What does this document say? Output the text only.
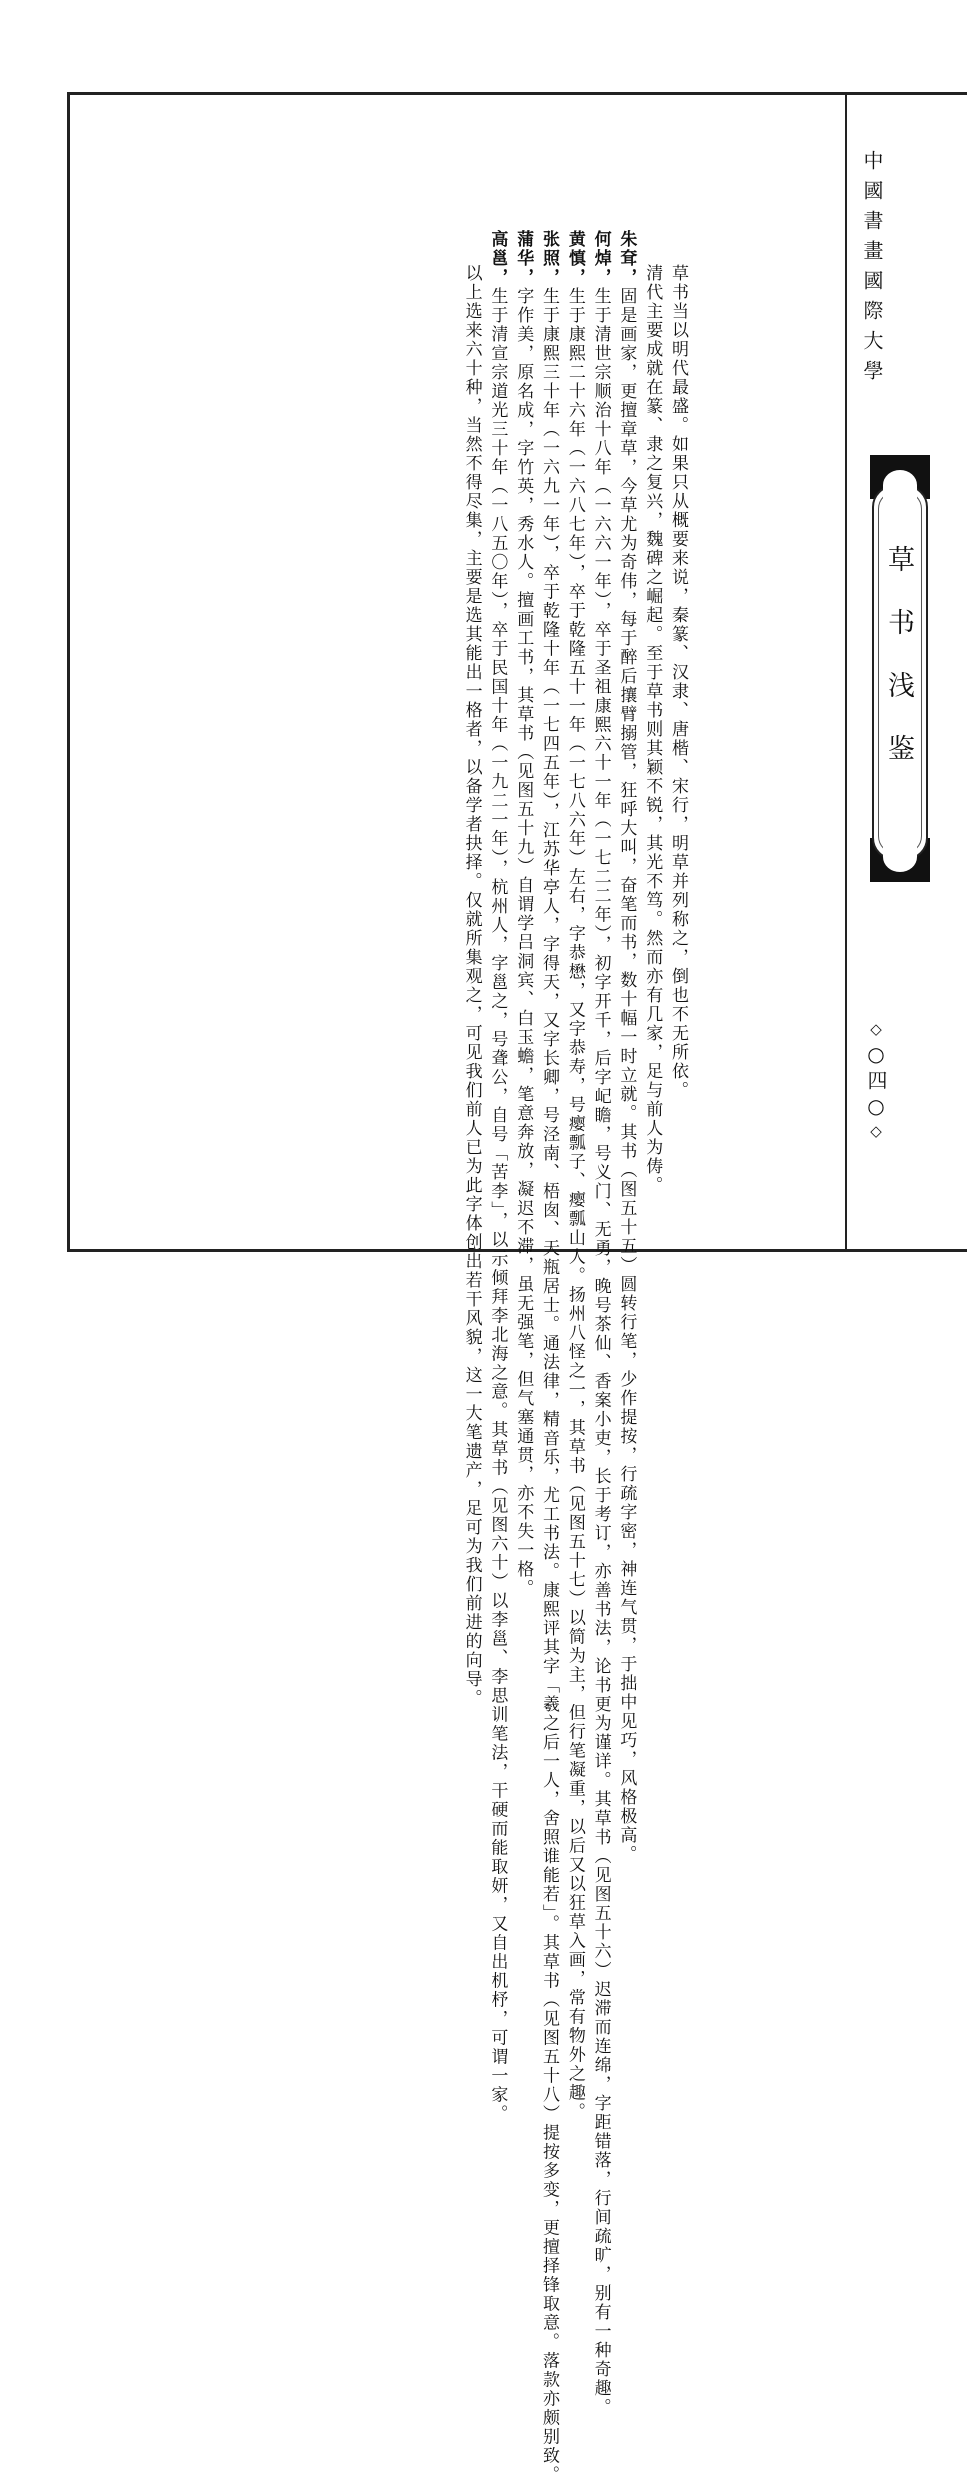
草书当以明代最盛。如果只从概要来说，秦篆、汉隶、唐楷、宋行，明草并列称之，倒也不无所依。

清代主要成就在篆、隶之复兴，魏碑之崛起。至于草书则其颖不锐，其光不笃。然而亦有几家，足与前人为俦。

朱耷，固是画家，更擅章草，今草尤为奇伟，每于醉后攘臂搦管，狂呼大叫，奋笔而书，数十幅一时立就。其书（图五十五）圆转行笔，少作提按，行疏字密，神连气贯，于拙中见巧，风格极高。

何焯，生于清世宗顺治十八年（一六六一年），卒于圣祖康熙六十一年（一七二二年），初字开千，后字屺瞻，号义门、无勇，晚号茶仙、香案小吏，长于考订，亦善书法，论书更为谨详。其草书（见图五十六）迟滞而连绵，字距错落，行间疏旷，别有一种奇趣。

黄慎，生于康熙二十六年（一六八七年），卒于乾隆五十一年（一七八六年）左右，字恭懋，又字恭寿，号瘿瓢子、瘿瓢山人。扬州八怪之一，其草书（见图五十七）以简为主，但行笔凝重，以后又以狂草入画，常有物外之趣。

张照，生于康熙三十年（一六九一年），卒于乾隆十年（一七四五年），江苏华亭人，字得天，又字长卿，号泾南、梧囱、天瓶居士。通法律，精音乐，尤工书法。康熙评其字「羲之后一人，舍照谁能若」。其草书（见图五十八）提按多变，更擅择锋取意。落款亦颇别致。

蒲华，字作美，原名成，字竹英，秀水人。擅画工书，其草书（见图五十九）自谓学吕洞宾、白玉蟾，笔意奔放，凝迟不滞，虽无强笔，但气塞通贯，亦不失一格。

高邕，生于清宣宗道光三十年（一八五〇年），卒于民国十年（一九二一年），杭州人，字邕之，号聋公，自号「苦李」，以示倾拜李北海之意。其草书（见图六十）以李邕、李思训笔法，干硬而能取妍，又自出机杼，可谓一家。

以上选来六十种，当然不得尽集，主要是选其能出一格者，以备学者抉择。仅就所集观之，可见我们前人已为此字体创出若干风貌，这一大笔遗产，足可为我们前进的向导。	中國書畫國際大學
草书浅鉴
◇○四○◇
